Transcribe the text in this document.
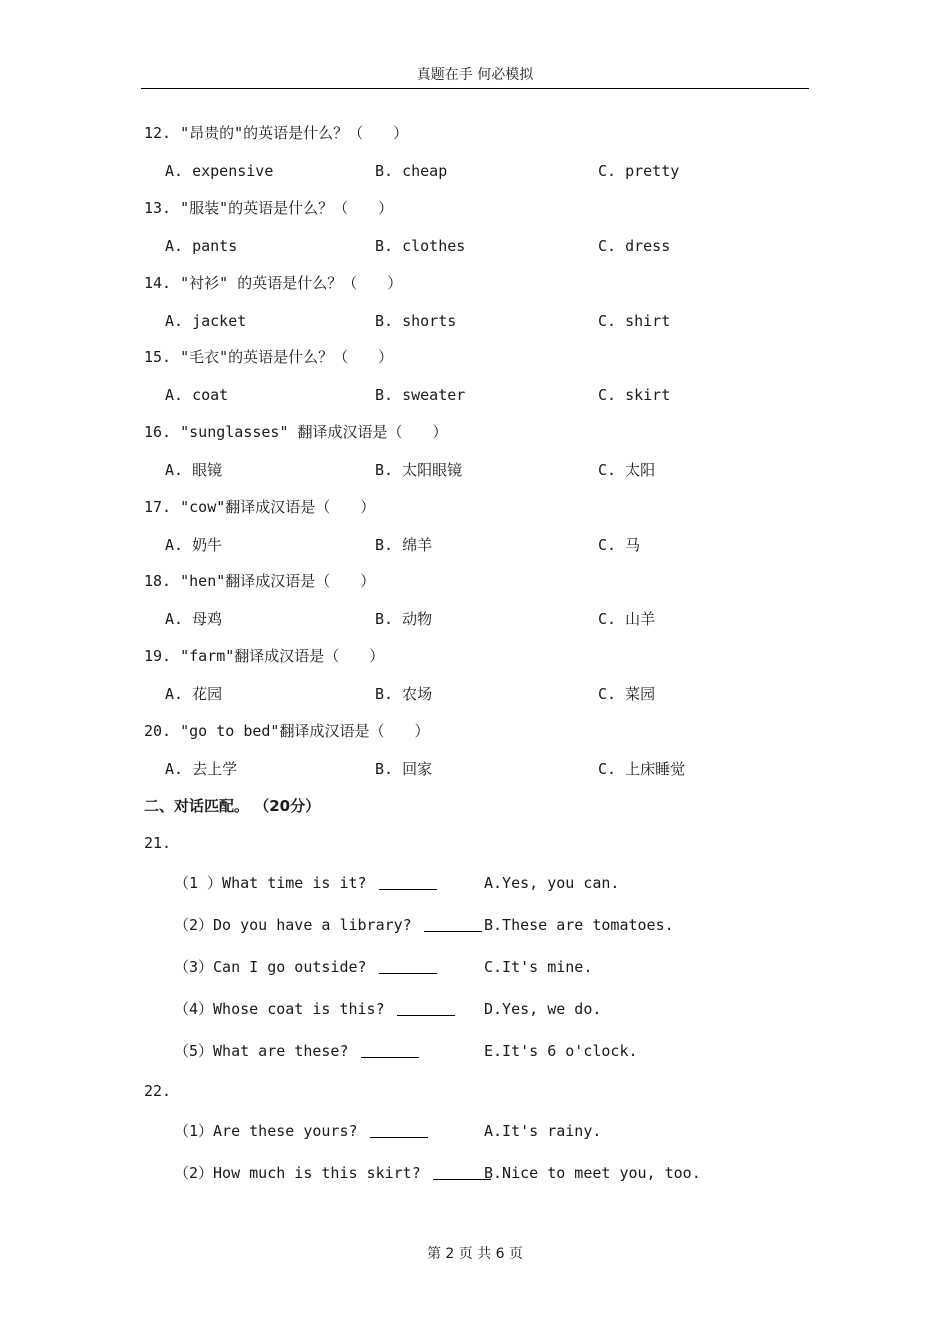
真题在手 何必模拟
12. "昂贵的"的英语是什么？（　　）
A. expensive	B. cheap	C. pretty
13. "服装"的英语是什么？（　　）
A. pants	B. clothes	C. dress
14. "衬衫" 的英语是什么？（　　）
A. jacket	B. shorts	C. shirt
15. "毛衣"的英语是什么？（　　）
A. coat	B. sweater	C. skirt
16. "sunglasses" 翻译成汉语是（　　）
A. 眼镜	B. 太阳眼镜	C. 太阳
17. "cow"翻译成汉语是（　　）
A. 奶牛	B. 绵羊	C. 马
18. "hen"翻译成汉语是（　　）
A. 母鸡	B. 动物	C. 山羊
19. "farm"翻译成汉语是（　　）
A. 花园	B. 农场	C. 菜园
20. "go to bed"翻译成汉语是（　　）
A. 去上学	B. 回家	C. 上床睡觉
二、对话匹配。 （20分）
21.
（1 ）What time is it?	A.Yes, you can.
（2）Do you have a library?	B.These are tomatoes.
（3）Can I go outside?	C.It's mine.
（4）Whose coat is this?	D.Yes, we do.
（5）What are these?	E.It's 6 o'clock.
22.
（1）Are these yours?	A.It's rainy.
（2）How much is this skirt?	B.Nice to meet you, too.
第 2 页 共 6 页
